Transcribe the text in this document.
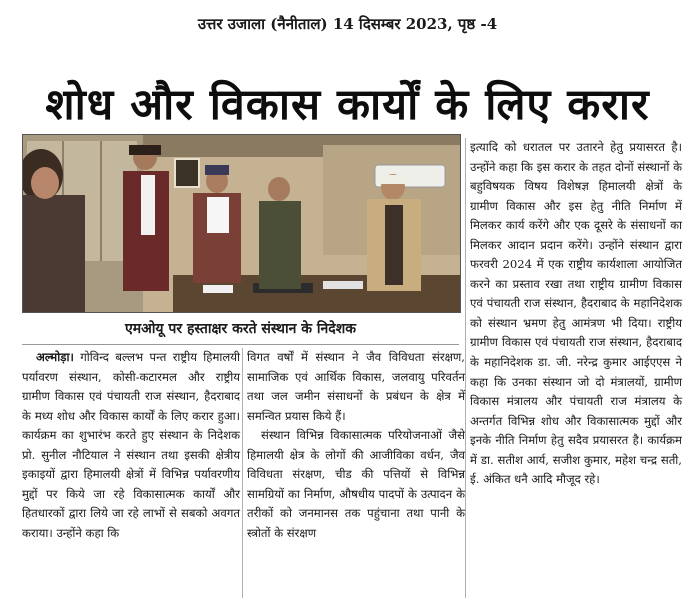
उत्तर उजाला (नैनीताल) 14 दिसम्बर 2023, पृष्ठ -4
शोध और विकास कार्यों के लिए करार
एमओयू पर हस्ताक्षर करते संस्थान के निदेशक

अल्मोड़ा। गोविन्द बल्लभ पन्त राष्ट्रीय हिमालयी पर्यावरण संस्थान, कोसी-कटारमल और राष्ट्रीय ग्रामीण विकास एवं पंचायती राज संस्थान, हैदराबाद के मध्य शोध और विकास कार्यों के लिए करार हुआ। कार्यक्रम का शुभारंभ करते हुए संस्थान के निदेशक प्रो. सुनील नौटियाल ने संस्थान तथा इसकी क्षेत्रीय इकाइयों द्वारा हिमालयी क्षेत्रों में विभिन्न पर्यावरणीय मुद्दों पर किये जा रहे विकासात्मक कार्यों और हितधारकों द्वारा लिये जा रहे लाभों से सबको अवगत कराया। उन्होंने कहा कि

विगत वर्षों में संस्थान ने जैव विविधता संरक्षण, सामाजिक एवं आर्थिक विकास, जलवायु परिवर्तन तथा जल जमीन संसाधनों के प्रबंधन के क्षेत्र में समन्वित प्रयास किये हैं।

संस्थान विभिन्न विकासात्मक परियोजनाओं जैसे हिमालयी क्षेत्र के लोगों की आजीविका वर्धन, जैव विविधता संरक्षण, चीड की पत्तियों से विभिन्न सामग्रियों का निर्माण, औषधीय पादपों के उत्पादन के तरीकों को जनमानस तक पहुंचाना तथा पानी के स्त्रोतों के संरक्षण

इत्यादि को धरातल पर उतारने हेतु प्रयासरत है। उन्होंने कहा कि इस करार के तहत दोनों संस्थानों के बहुविषयक विषय विशेषज्ञ हिमालयी क्षेत्रों के ग्रामीण विकास और इस हेतु नीति निर्माण में मिलकर कार्य करेंगे और एक दूसरे के संसाधनों का मिलकर आदान प्रदान करेंगे। उन्होंने संस्थान द्वारा फरवरी 2024 में एक राष्ट्रीय कार्यशाला आयोजित करने का प्रस्ताव रखा तथा राष्ट्रीय ग्रामीण विकास एवं पंचायती राज संस्थान, हैदराबाद के महानिदेशक को संस्थान भ्रमण हेतु आमंत्रण भी दिया। राष्ट्रीय ग्रामीण विकास एवं पंचायती राज संस्थान, हैदराबाद के महानिदेशक डा. जी. नरेन्द्र कुमार आईएएस ने कहा कि उनका संस्थान जो दो मंत्रालयों, ग्रामीण विकास मंत्रालय और पंचायती राज मंत्रालय के अन्तर्गत विभिन्न शोध और विकासात्मक मुद्दों और इनके नीति निर्माण हेतु सदैव प्रयासरत है। कार्यक्रम में डा. सतीश आर्य, सजीश कुमार, महेश चन्द्र सती, ई. अंकित धनै आदि मौजूद रहे।
